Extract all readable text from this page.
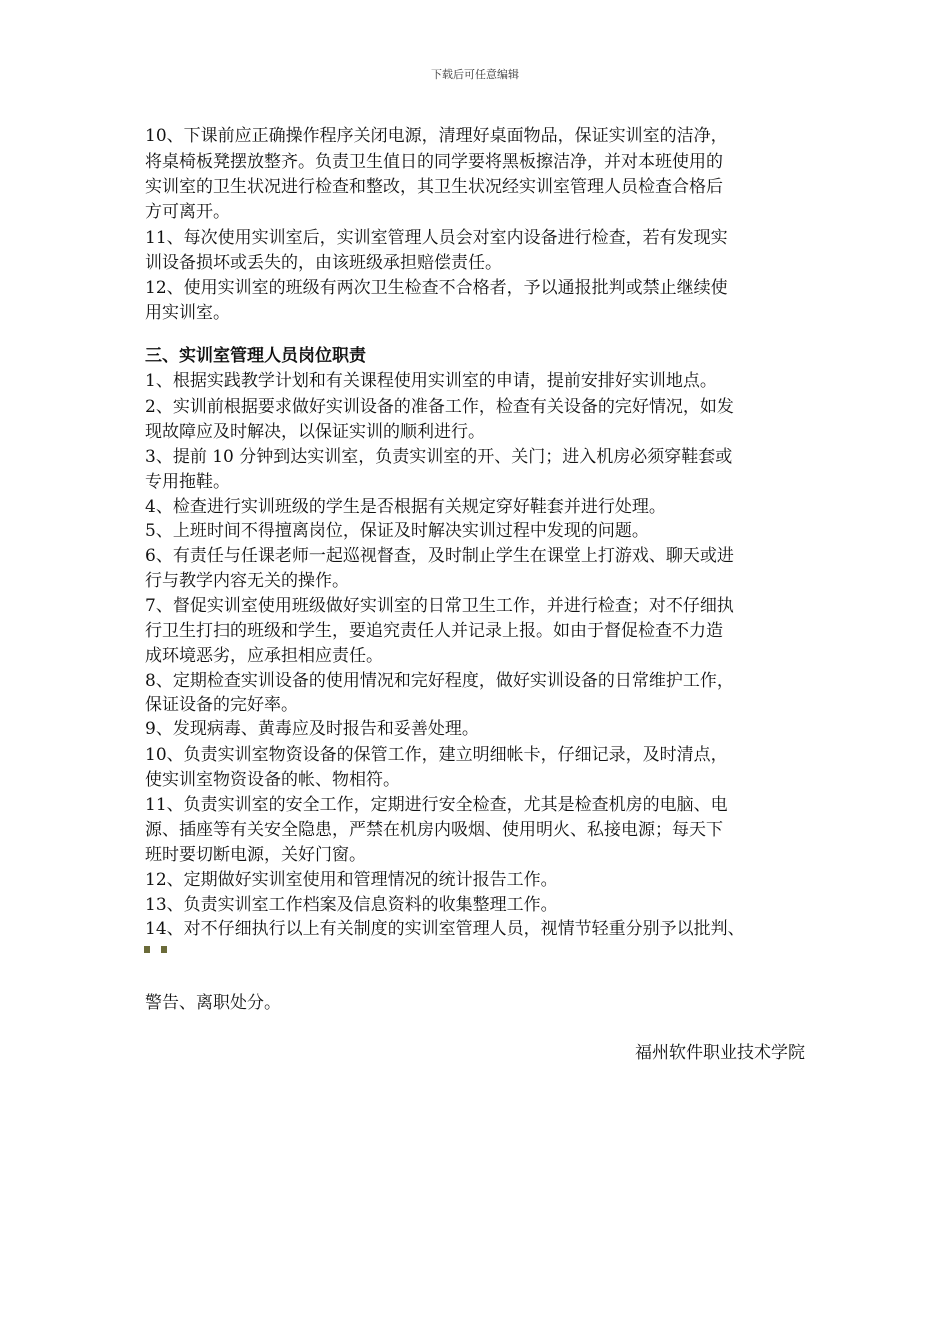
下载后可任意编辑
10、下课前应正确操作程序关闭电源，清理好桌面物品，保证实训室的洁净，
将桌椅板凳摆放整齐。负责卫生值日的同学要将黑板擦洁净，并对本班使用的
实训室的卫生状况进行检查和整改，其卫生状况经实训室管理人员检查合格后
方可离开。
11、每次使用实训室后，实训室管理人员会对室内设备进行检查，若有发现实
训设备损坏或丢失的，由该班级承担赔偿责任。
12、使用实训室的班级有两次卫生检查不合格者，予以通报批判或禁止继续使
用实训室。
三、实训室管理人员岗位职责
1、根据实践教学计划和有关课程使用实训室的申请，提前安排好实训地点。
2、实训前根据要求做好实训设备的准备工作，检查有关设备的完好情况，如发
现故障应及时解决，以保证实训的顺利进行。
3、提前 10 分钟到达实训室，负责实训室的开、关门；进入机房必须穿鞋套或
专用拖鞋。
4、检查进行实训班级的学生是否根据有关规定穿好鞋套并进行处理。
5、上班时间不得擅离岗位，保证及时解决实训过程中发现的问题。
6、有责任与任课老师一起巡视督查，及时制止学生在课堂上打游戏、聊天或进
行与教学内容无关的操作。
7、督促实训室使用班级做好实训室的日常卫生工作，并进行检查；对不仔细执
行卫生打扫的班级和学生，要追究责任人并记录上报。如由于督促检查不力造
成环境恶劣，应承担相应责任。
8、定期检查实训设备的使用情况和完好程度，做好实训设备的日常维护工作，
保证设备的完好率。
9、发现病毒、黄毒应及时报告和妥善处理。
10、负责实训室物资设备的保管工作，建立明细帐卡，仔细记录，及时清点，
使实训室物资设备的帐、物相符。
11、负责实训室的安全工作，定期进行安全检查，尤其是检查机房的电脑、电
源、插座等有关安全隐患，严禁在机房内吸烟、使用明火、私接电源；每天下
班时要切断电源，关好门窗。
12、定期做好实训室使用和管理情况的统计报告工作。
13、负责实训室工作档案及信息资料的收集整理工作。
14、对不仔细执行以上有关制度的实训室管理人员，视情节轻重分别予以批判、
警告、离职处分。
福州软件职业技术学院
